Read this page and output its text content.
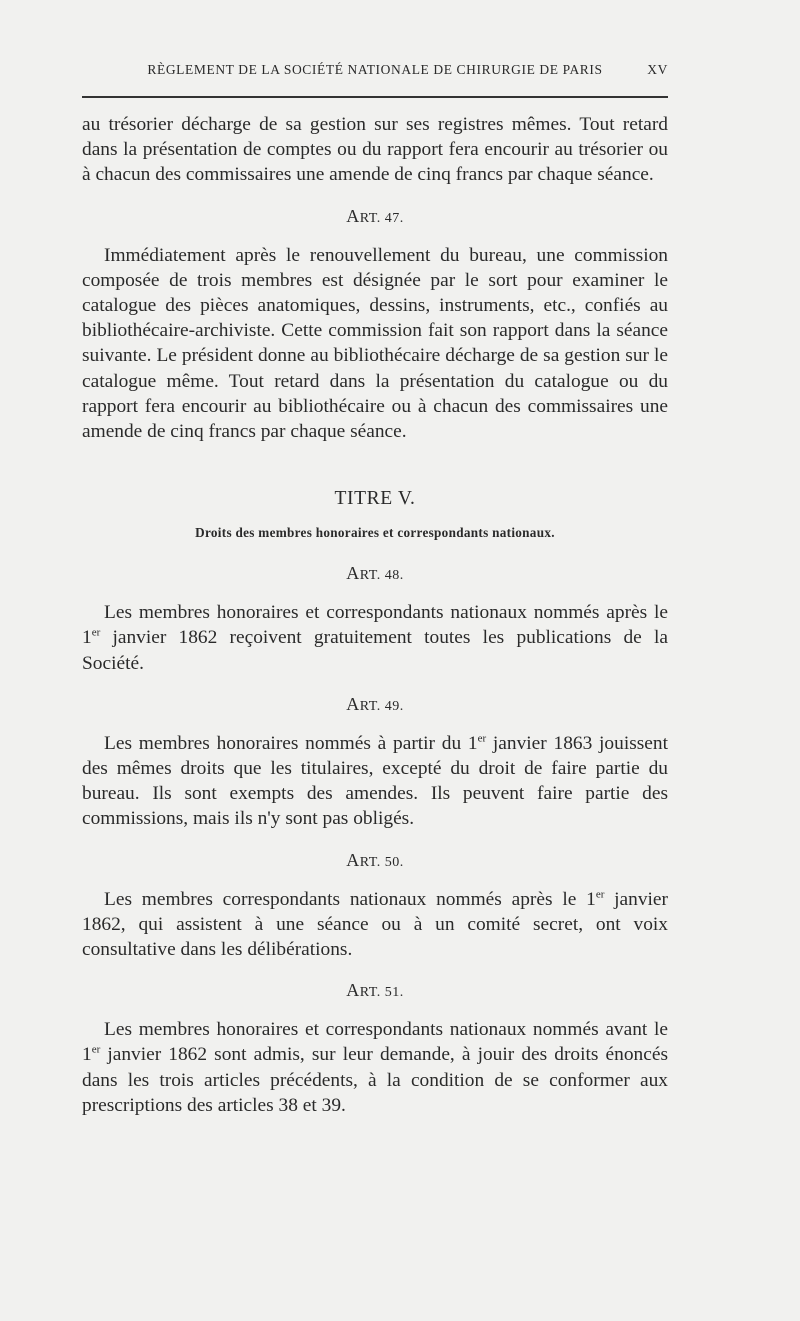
RÈGLEMENT DE LA SOCIÉTÉ NATIONALE DE CHIRURGIE DE PARIS	XV

au trésorier décharge de sa gestion sur ses registres mêmes. Tout retard dans la présentation de comptes ou du rapport fera encourir au trésorier ou à chacun des commissaires une amende de cinq francs par chaque séance.

ART. 47.

Immédiatement après le renouvellement du bureau, une commission composée de trois membres est désignée par le sort pour examiner le catalogue des pièces anatomiques, dessins, instruments, etc., confiés au bibliothécaire-archiviste. Cette commission fait son rapport dans la séance suivante. Le président donne au bibliothécaire décharge de sa gestion sur le catalogue même. Tout retard dans la présentation du catalogue ou du rapport fera encourir au bibliothécaire ou à chacun des commissaires une amende de cinq francs par chaque séance.

TITRE V.
Droits des membres honoraires et correspondants nationaux.
ART. 48.

Les membres honoraires et correspondants nationaux nommés après le 1er janvier 1862 reçoivent gratuitement toutes les publications de la Société.

ART. 49.

Les membres honoraires nommés à partir du 1er janvier 1863 jouissent des mêmes droits que les titulaires, excepté du droit de faire partie du bureau. Ils sont exempts des amendes. Ils peuvent faire partie des commissions, mais ils n'y sont pas obligés.

ART. 50.

Les membres correspondants nationaux nommés après le 1er janvier 1862, qui assistent à une séance ou à un comité secret, ont voix consultative dans les délibérations.

ART. 51.

Les membres honoraires et correspondants nationaux nommés avant le 1er janvier 1862 sont admis, sur leur demande, à jouir des droits énoncés dans les trois articles précédents, à la condition de se conformer aux prescriptions des articles 38 et 39.
